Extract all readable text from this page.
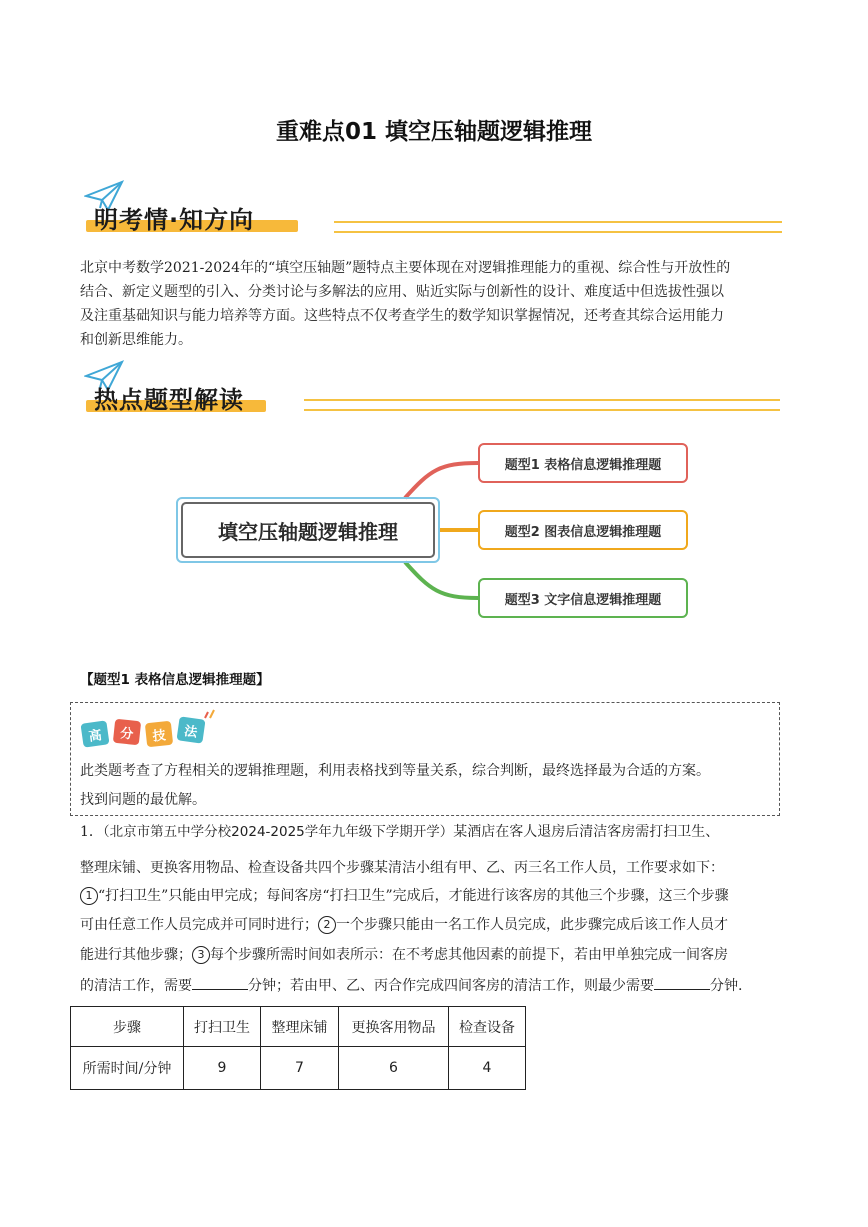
重难点01 填空压轴题逻辑推理
明考情·知方向
北京中考数学2021-2024年的“填空压轴题”题特点主要体现在对逻辑推理能力的重视、综合性与开放性的
结合、新定义题型的引入、分类讨论与多解法的应用、贴近实际与创新性的设计、难度适中但选拔性强以
及注重基础知识与能力培养等方面。这些特点不仅考查学生的数学知识掌握情况，还考查其综合运用能力
和创新思维能力。
热点题型解读
填空压轴题逻辑推理
题型1 表格信息逻辑推理题
题型2 图表信息逻辑推理题
题型3 文字信息逻辑推理题
【题型1 表格信息逻辑推理题】
高	分	技	法
此类题考查了方程相关的逻辑推理题，利用表格找到等量关系，综合判断，最终选择最为合适的方案。
找到问题的最优解。
1．（北京市第五中学分校2024-2025学年九年级下学期开学）某酒店在客人退房后清洁客房需打扫卫生、
整理床铺、更换客用物品、检查设备共四个步骤某清洁小组有甲、乙、丙三名工作人员，工作要求如下：
1 “打扫卫生”只能由甲完成；每间客房“打扫卫生”完成后，才能进行该客房的其他三个步骤，这三个步骤
可由任意工作人员完成并可同时进行； 2 一个步骤只能由一名工作人员完成，此步骤完成后该工作人员才
能进行其他步骤； 3 每个步骤所需时间如表所示：在不考虑其他因素的前提下，若由甲单独完成一间客房
的清洁工作，需要	分钟；若由甲、乙、丙合作完成四间客房的清洁工作，则最少需要	分钟.
步骤	打扫卫生	整理床铺	更换客用物品	检查设备
所需时间/分钟	9	7	6	4
